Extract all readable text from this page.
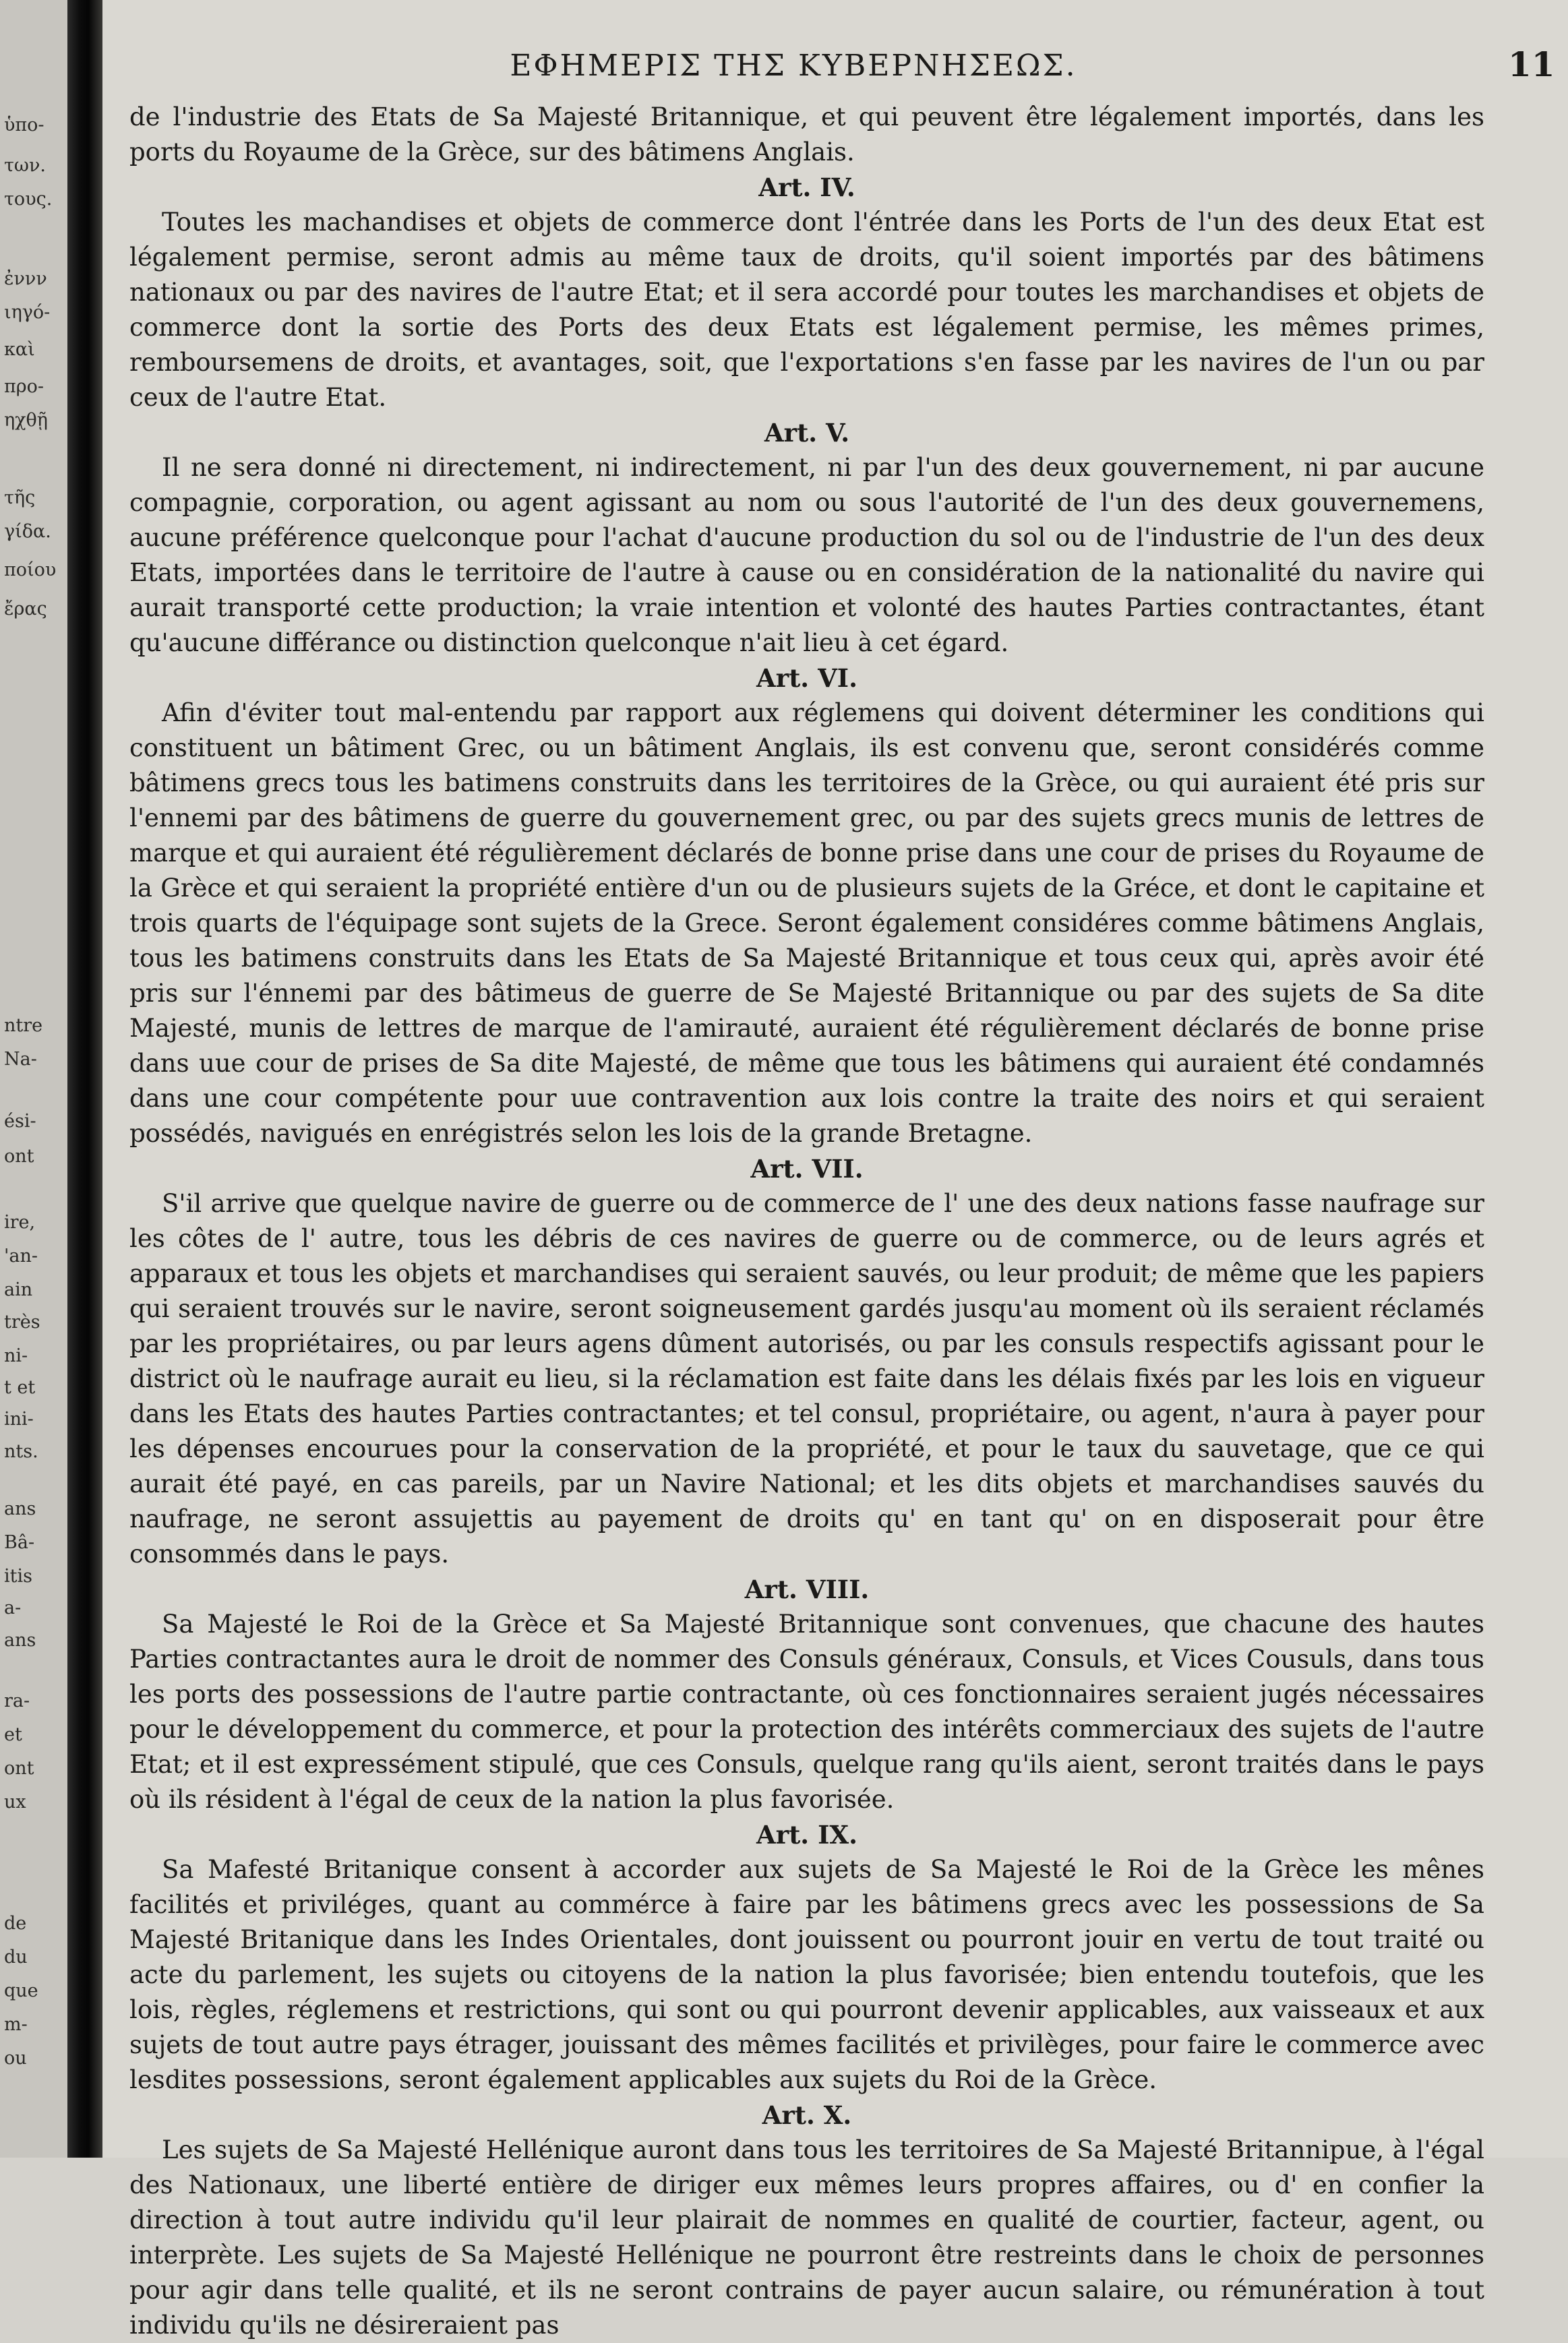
ὑπο-
των.
τους.
ἐννν
ιηγό-
καὶ
προ-
ηχθῇ
τῆς
γίδα.
ποίου
ἔρας
ntre
Na-
ési-
ont
ire,
'an-
ain
très
ni-
t et
ini-
nts.
ans
Bâ-
itis
a-
ans
ra-
et
ont
ux
de
du
que
m-
ou
ΕΦΗΜΕΡΙΣ ΤΗΣ ΚΥΒΕΡΝΗΣΕΩΣ.	11

de l'industrie des Etats de Sa Majesté Britannique, et qui peuvent être légalement importés, dans les ports du Royaume de la Grèce, sur des bâtimens Anglais.

Art. IV.

Toutes les machandises et objets de commerce dont l'éntrée dans les Ports de l'un des deux Etat est légalement permise, seront admis au même taux de droits, qu'il soient importés par des bâtimens nationaux ou par des navires de l'autre Etat; et il sera accordé pour toutes les marchandises et objets de commerce dont la sortie des Ports des deux Etats est légalement permise, les mêmes primes, remboursemens de droits, et avantages, soit, que l'exportations s'en fasse par les navires de l'un ou par ceux de l'autre Etat.

Art. V.

Il ne sera donné ni directement, ni indirectement, ni par l'un des deux gouvernement, ni par aucune compagnie, corporation, ou agent agissant au nom ou sous l'autorité de l'un des deux gouvernemens, aucune préférence quelconque pour l'achat d'aucune production du sol ou de l'industrie de l'un des deux Etats, importées dans le territoire de l'autre à cause ou en considération de la nationalité du navire qui aurait transporté cette production; la vraie intention et volonté des hautes Parties contractantes, étant qu'aucune différance ou distinction quelconque n'ait lieu à cet égard.

Art. VI.

Afin d'éviter tout mal-entendu par rapport aux réglemens qui doivent déterminer les conditions qui constituent un bâtiment Grec, ou un bâtiment Anglais, ils est convenu que, seront considérés comme bâtimens grecs tous les batimens construits dans les territoires de la Grèce, ou qui auraient été pris sur l'ennemi par des bâtimens de guerre du gouvernement grec, ou par des sujets grecs munis de lettres de marque et qui auraient été régulièrement déclarés de bonne prise dans une cour de prises du Royaume de la Grèce et qui seraient la propriété entière d'un ou de plusieurs sujets de la Gréce, et dont le capitaine et trois quarts de l'équipage sont sujets de la Grece. Seront également considéres comme bâtimens Anglais, tous les batimens construits dans les Etats de Sa Majesté Britannique et tous ceux qui, après avoir été pris sur l'énnemi par des bâtimeus de guerre de Se Majesté Britannique ou par des sujets de Sa dite Majesté, munis de lettres de marque de l'amirauté, auraient été régulièrement déclarés de bonne prise dans uue cour de prises de Sa dite Majesté, de même que tous les bâtimens qui auraient été condamnés dans une cour compétente pour uue contravention aux lois contre la traite des noirs et qui seraient possédés, navigués en enrégistrés selon les lois de la grande Bretagne.

Art. VII.

S'il arrive que quelque navire de guerre ou de commerce de l' une des deux nations fasse naufrage sur les côtes de l' autre, tous les débris de ces navires de guerre ou de commerce, ou de leurs agrés et apparaux et tous les objets et marchandises qui seraient sauvés, ou leur produit; de même que les papiers qui seraient trouvés sur le navire, seront soigneusement gardés jusqu'au moment où ils seraient réclamés par les propriétaires, ou par leurs agens dûment autorisés, ou par les consuls respectifs agissant pour le district où le naufrage aurait eu lieu, si la réclamation est faite dans les délais fixés par les lois en vigueur dans les Etats des hautes Parties contractantes; et tel consul, propriétaire, ou agent, n'aura à payer pour les dépenses encourues pour la conservation de la propriété, et pour le taux du sauvetage, que ce qui aurait été payé, en cas pareils, par un Navire National; et les dits objets et marchandises sauvés du naufrage, ne seront assujettis au payement de droits qu' en tant qu' on en disposerait pour être consommés dans le pays.

Art. VIII.

Sa Majesté le Roi de la Grèce et Sa Majesté Britannique sont convenues, que chacune des hautes Parties contractantes aura le droit de nommer des Consuls généraux, Consuls, et Vices Cousuls, dans tous les ports des possessions de l'autre partie contractante, où ces fonctionnaires seraient jugés nécessaires pour le développement du commerce, et pour la protection des intérêts commerciaux des sujets de l'autre Etat; et il est expressément stipulé, que ces Consuls, quelque rang qu'ils aient, seront traités dans le pays où ils résident à l'égal de ceux de la nation la plus favorisée.

Art. IX.

Sa Mafesté Britanique consent à accorder aux sujets de Sa Majesté le Roi de la Grèce les mênes facilités et priviléges, quant au commérce à faire par les bâtimens grecs avec les possessions de Sa Majesté Britanique dans les Indes Orientales, dont jouissent ou pourront jouir en vertu de tout traité ou acte du parlement, les sujets ou citoyens de la nation la plus favorisée; bien entendu toutefois, que les lois, règles, réglemens et restrictions, qui sont ou qui pourront devenir applicables, aux vaisseaux et aux sujets de tout autre pays étrager, jouissant des mêmes facilités et privilèges, pour faire le commerce avec lesdites possessions, seront également applicables aux sujets du Roi de la Grèce.

Art. X.

Les sujets de Sa Majesté Hellénique auront dans tous les territoires de Sa Majesté Britannipue, à l'égal des Nationaux, une liberté entière de diriger eux mêmes leurs propres affaires, ou d' en confier la direction à tout autre individu qu'il leur plairait de nommes en qualité de courtier, facteur, agent, ou interprète. Les sujets de Sa Majesté Hellénique ne pourront être restreints dans le choix de personnes pour agir dans telle qualité, et ils ne seront contrains de payer aucun salaire, ou rémunération à tout individu qu'ils ne désireraient pas
